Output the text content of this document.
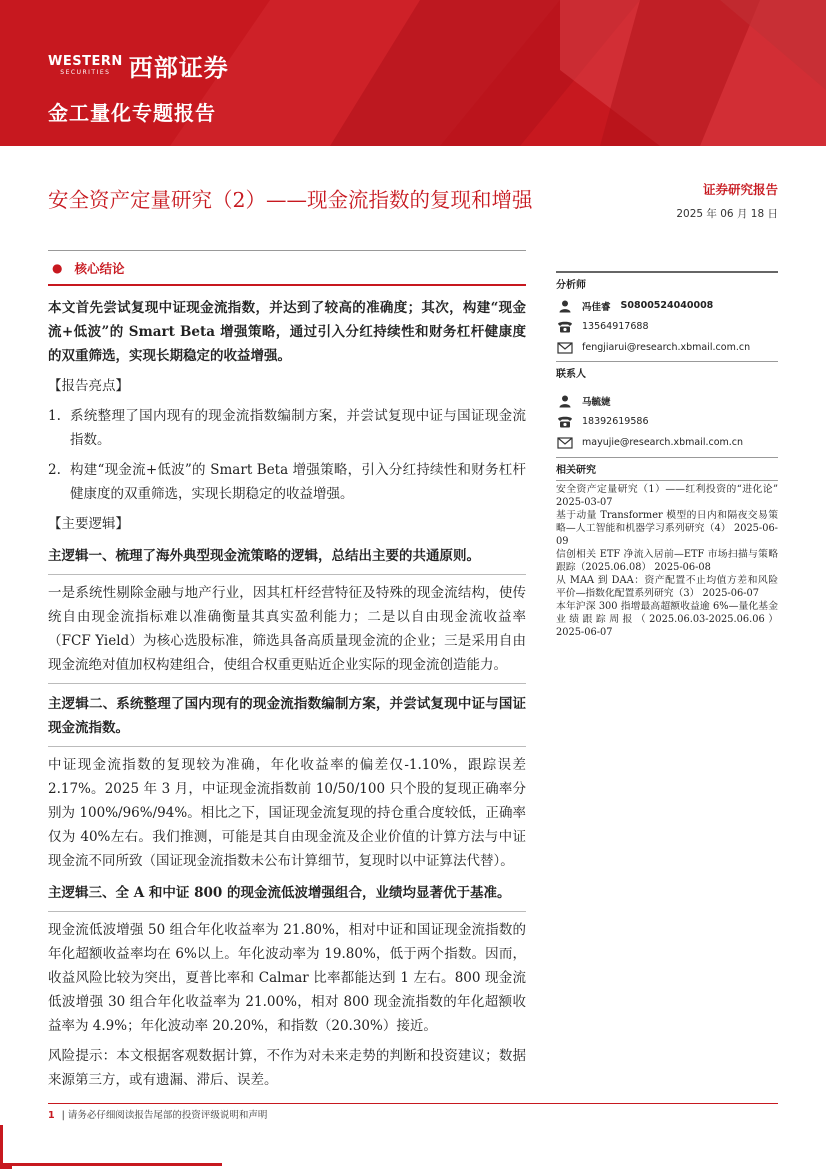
WESTERN
SECURITIES 西部证券
金工量化专题报告
安全资产定量研究（2）——现金流指数的复现和增强	证券研究报告
2025 年 06 月 18 日
● 核心结论
本文首先尝试复现中证现金流指数，并达到了较高的准确度；其次，构建“现金流+低波”的 Smart Beta 增强策略，通过引入分红持续性和财务杠杆健康度的双重筛选，实现长期稳定的收益增强。
【报告亮点】
1. 系统整理了国内现有的现金流指数编制方案，并尝试复现中证与国证现金流指数。
2. 构建“现金流+低波”的 Smart Beta 增强策略，引入分红持续性和财务杠杆健康度的双重筛选，实现长期稳定的收益增强。
【主要逻辑】
主逻辑一、梳理了海外典型现金流策略的逻辑，总结出主要的共通原则。
一是系统性剔除金融与地产行业，因其杠杆经营特征及特殊的现金流结构，使传统自由现金流指标难以准确衡量其真实盈利能力；二是以自由现金流收益率（FCF Yield）为核心选股标准，筛选具备高质量现金流的企业；三是采用自由现金流绝对值加权构建组合，使组合权重更贴近企业实际的现金流创造能力。
主逻辑二、系统整理了国内现有的现金流指数编制方案，并尝试复现中证与国证现金流指数。
中证现金流指数的复现较为准确，年化收益率的偏差仅-1.10%，跟踪误差2.17%。2025 年 3 月，中证现金流指数前 10/50/100 只个股的复现正确率分别为 100%/96%/94%。相比之下，国证现金流复现的持仓重合度较低，正确率仅为 40%左右。我们推测，可能是其自由现金流及企业价值的计算方法与中证现金流不同所致（国证现金流指数未公布计算细节，复现时以中证算法代替）。
主逻辑三、全 A 和中证 800 的现金流低波增强组合，业绩均显著优于基准。
现金流低波增强 50 组合年化收益率为 21.80%，相对中证和国证现金流指数的年化超额收益率均在 6%以上。年化波动率为 19.80%，低于两个指数。因而，收益风险比较为突出，夏普比率和 Calmar 比率都能达到 1 左右。800 现金流低波增强 30 组合年化收益率为 21.00%，相对 800 现金流指数的年化超额收益率为 4.9%；年化波动率 20.20%，和指数（20.30%）接近。
风险提示：本文根据客观数据计算，不作为对未来走势的判断和投资建议；数据来源第三方，或有遗漏、滞后、误差。
分析师
冯佳睿 S0800524040008
13564917688
fengjiarui@research.xbmail.com.cn
联系人
马毓婕
18392619586
mayujie@research.xbmail.com.cn
相关研究
安全资产定量研究（1）——红利投资的“进化论” 2025-03-07
基于动量 Transformer 模型的日内和隔夜交易策略—人工智能和机器学习系列研究（4） 2025-06-09
信创相关 ETF 净流入居前—ETF 市场扫描与策略跟踪（2025.06.08） 2025-06-08
从 MAA 到 DAA：资产配置不止均值方差和风险平价—指数化配置系列研究（3） 2025-06-07
本年沪深 300 指增最高超额收益逾 6%—量化基金业绩跟踪周报（2025.06.03-2025.06.06） 2025-06-07
1 | 请务必仔细阅读报告尾部的投资评级说明和声明
